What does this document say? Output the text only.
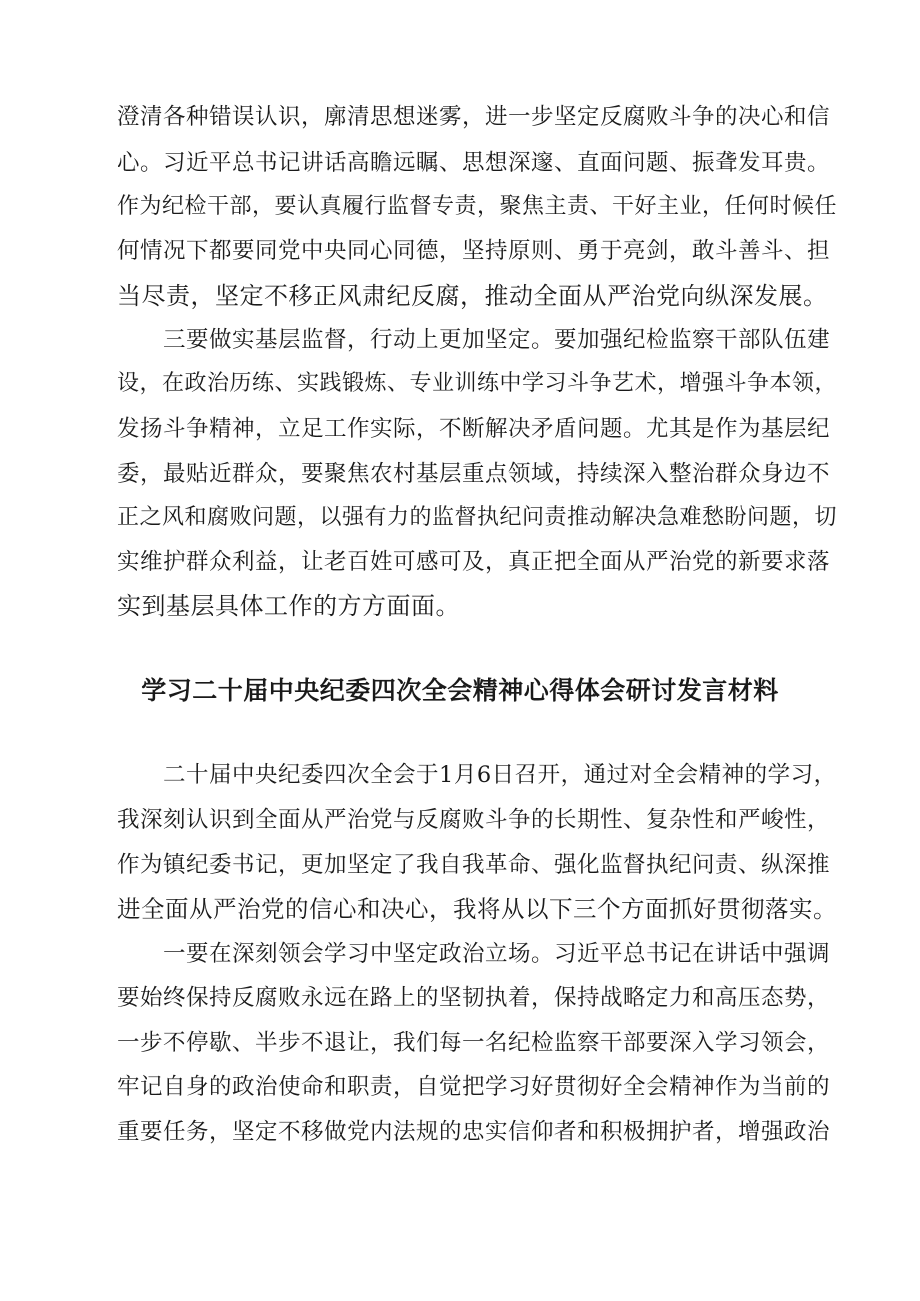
澄清各种错误认识，廓清思想迷雾，进一步坚定反腐败斗争的决心和信
心。习近平总书记讲话高瞻远瞩、思想深邃、直面问题、振聋发耳贵。
作为纪检干部，要认真履行监督专责，聚焦主责、干好主业，任何时候任
何情况下都要同党中央同心同德，坚持原则、勇于亮剑，敢斗善斗、担
当尽责，坚定不移正风肃纪反腐，推动全面从严治党向纵深发展。
　　三要做实基层监督，行动上更加坚定。要加强纪检监察干部队伍建
设，在政治历练、实践锻炼、专业训练中学习斗争艺术，增强斗争本领，
发扬斗争精神，立足工作实际，不断解决矛盾问题。尤其是作为基层纪
委，最贴近群众，要聚焦农村基层重点领域，持续深入整治群众身边不
正之风和腐败问题，以强有力的监督执纪问责推动解决急难愁盼问题，切
实维护群众利益，让老百姓可感可及，真正把全面从严治党的新要求落
实到基层具体工作的方方面面。
学习二十届中央纪委四次全会精神心得体会研讨发言材料
　　二十届中央纪委四次全会于1月6日召开，通过对全会精神的学习，
我深刻认识到全面从严治党与反腐败斗争的长期性、复杂性和严峻性，
作为镇纪委书记，更加坚定了我自我革命、强化监督执纪问责、纵深推
进全面从严治党的信心和决心，我将从以下三个方面抓好贯彻落实。
　　一要在深刻领会学习中坚定政治立场。习近平总书记在讲话中强调
要始终保持反腐败永远在路上的坚韧执着，保持战略定力和高压态势，
一步不停歇、半步不退让，我们每一名纪检监察干部要深入学习领会，
牢记自身的政治使命和职责，自觉把学习好贯彻好全会精神作为当前的
重要任务，坚定不移做党内法规的忠实信仰者和积极拥护者，增强政治
